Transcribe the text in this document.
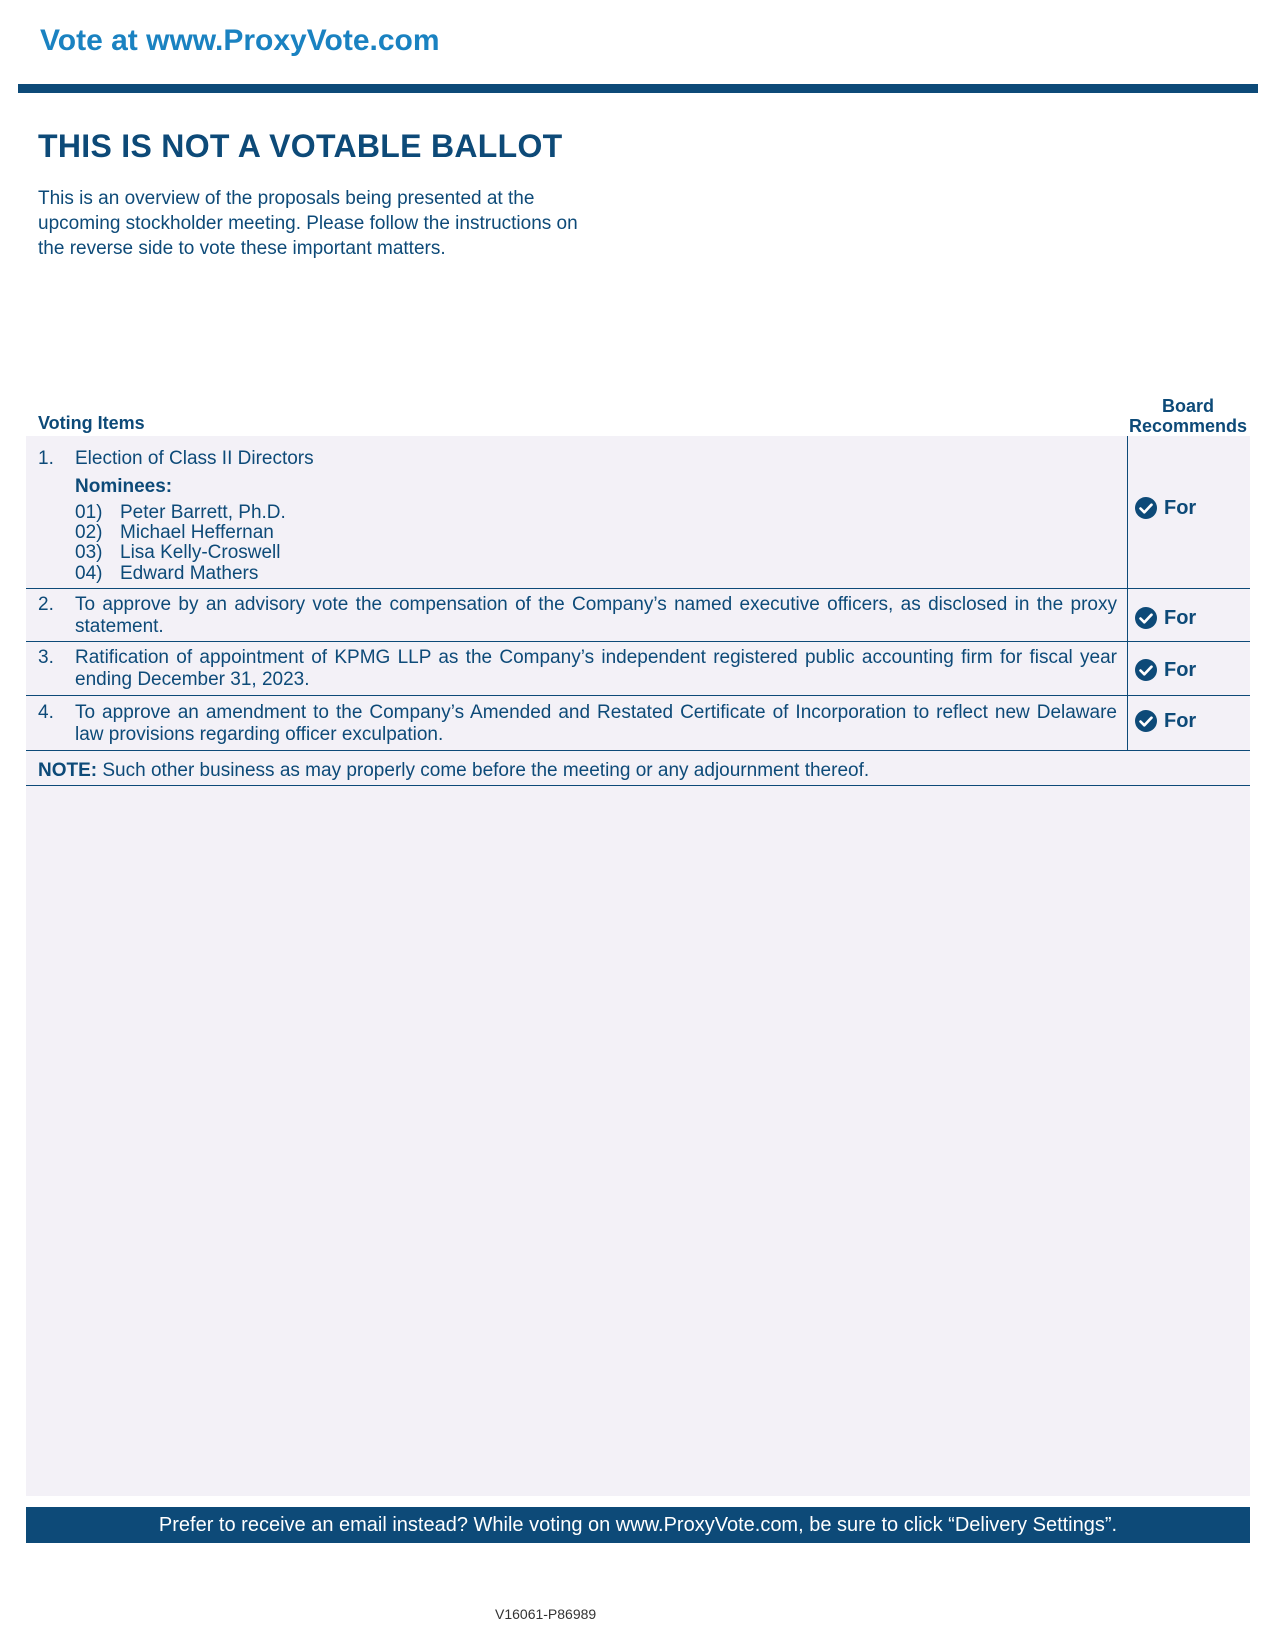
Vote at www.ProxyVote.com
THIS IS NOT A VOTABLE BALLOT
This is an overview of the proposals being presented at the
upcoming stockholder meeting. Please follow the instructions on
the reverse side to vote these important matters.
Voting Items
Board
Recommends
1. Election of Class II Directors
Nominees:
01) Peter Barrett, Ph.D.
02) Michael Heffernan
03) Lisa Kelly-Croswell
04) Edward Mathers
For
2. To approve by an advisory vote the compensation of the Company’s named executive officers, as disclosed in the proxy statement.	For
3. Ratification of appointment of KPMG LLP as the Company’s independent registered public accounting firm for fiscal year ending December 31, 2023.	For
4. To approve an amendment to the Company’s Amended and Restated Certificate of Incorporation to reflect new Delaware law provisions regarding officer exculpation.
For
NOTE: Such other business as may properly come before the meeting or any adjournment thereof.
Prefer to receive an email instead? While voting on www.ProxyVote.com, be sure to click “Delivery Settings”.
V16061-P86989
